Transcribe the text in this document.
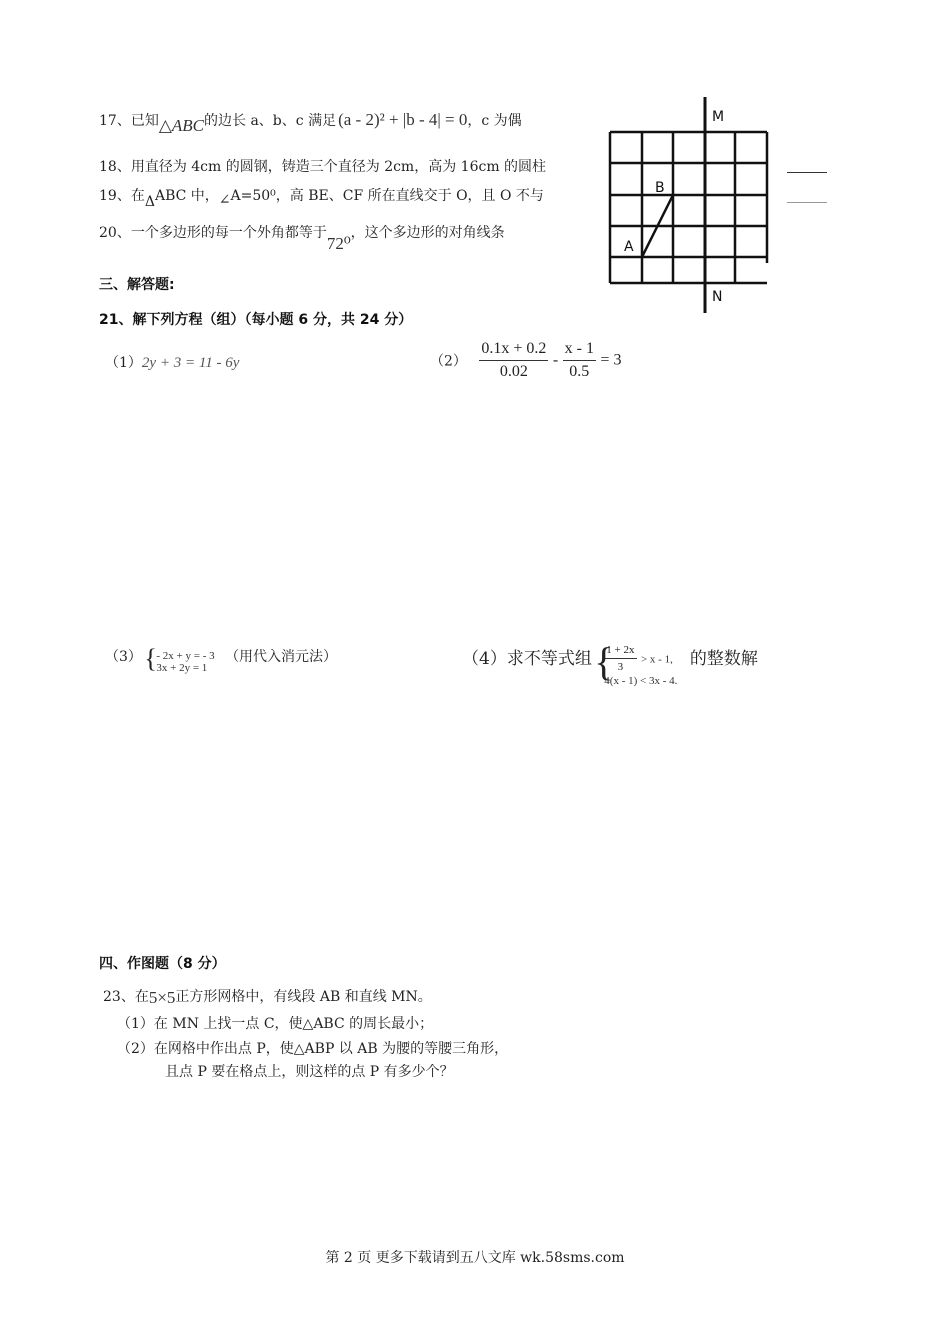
17、已知△ABC的边长 a、b、c 满足 (a - 2)² + |b - 4| = 0，c 为偶
18、用直径为 4cm 的圆钢，铸造三个直径为 2cm，高为 16cm 的圆柱
19、在ΔABC 中，∠A=50⁰，高 BE、CF 所在直线交于 O，且 O 不与
20、一个多边形的每一个外角都等于72⁰，这个多边形的对角线条
M
N
A
B
三、解答题:
21、解下列方程（组）（每小题 6 分，共 24 分）
（1）2y + 3 = 11 - 6y	$(2) \frac{0.1x + 0.2}{0.02} - \frac{x - 1}{0.5} = 3$
（3） { - 2x + y = - 3
3x + 2y = 1
（用代入消元法）	（4）求不等式组 {
$\frac{1 + 2x}{3} > x - 1$,
4(x - 1) < 3x - 4.
的整数解
四、作图题（8 分）
23、在5×5正方形网格中，有线段 AB 和直线 MN。
（1）在 MN 上找一点 C，使△ABC 的周长最小；
（2）在网格中作出点 P，使△ABP 以 AB 为腰的等腰三角形，
且点 P 要在格点上，则这样的点 P 有多少个？
第 2 页 更多下载请到五八文库 wk.58sms.com
